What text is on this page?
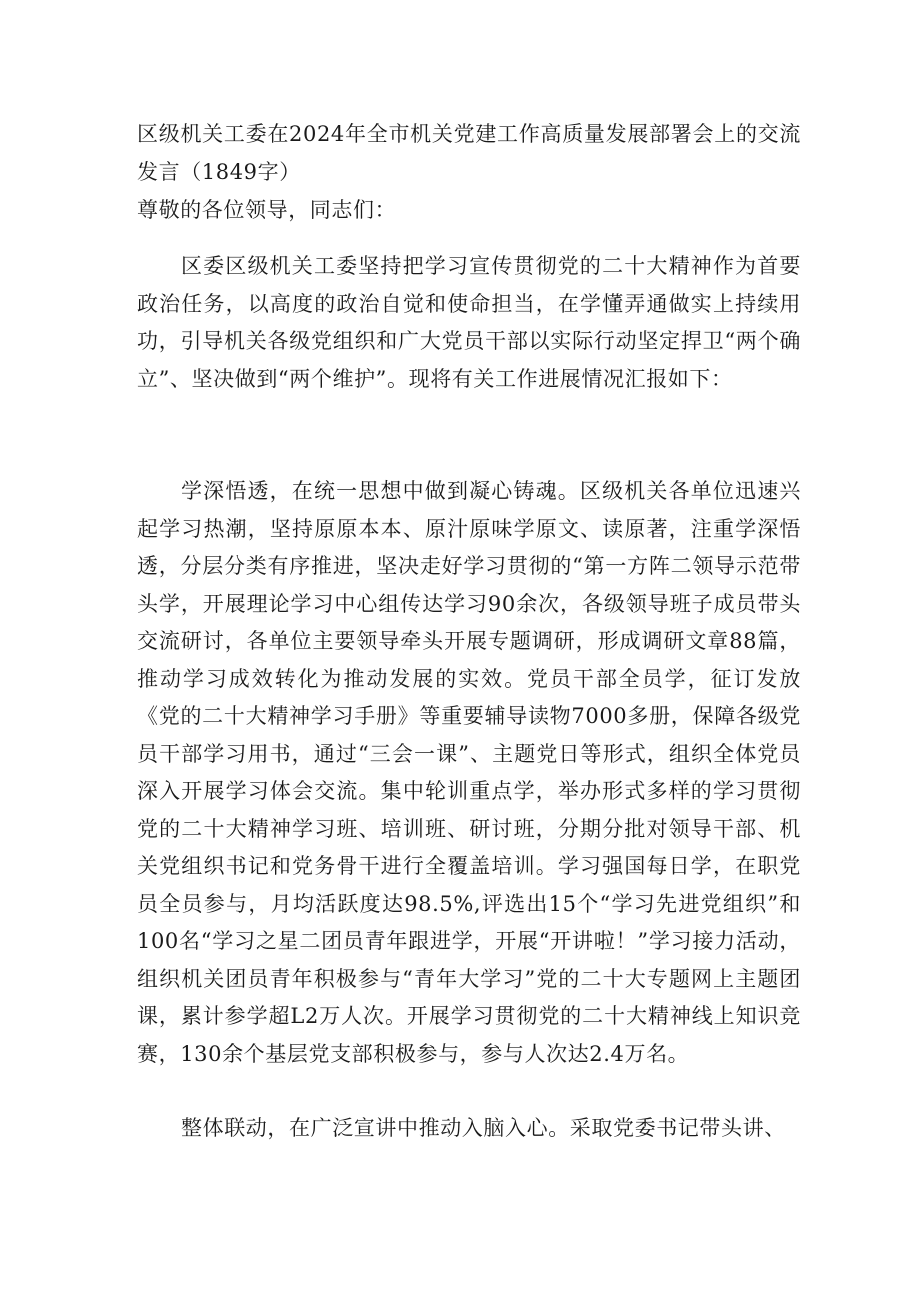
区级机关工委在2024年全市机关党建工作高质量发展部署会上的交流发言（1849字）

尊敬的各位领导，同志们：

区委区级机关工委坚持把学习宣传贯彻党的二十大精神作为首要政治任务，以高度的政治自觉和使命担当，在学懂弄通做实上持续用功，引导机关各级党组织和广大党员干部以实际行动坚定捍卫“两个确立”、坚决做到“两个维护”。现将有关工作进展情况汇报如下：

学深悟透，在统一思想中做到凝心铸魂。区级机关各单位迅速兴起学习热潮，坚持原原本本、原汁原味学原文、读原著，注重学深悟透，分层分类有序推进，坚决走好学习贯彻的“第一方阵二领导示范带头学，开展理论学习中心组传达学习90余次，各级领导班子成员带头交流研讨，各单位主要领导牵头开展专题调研，形成调研文章88篇，推动学习成效转化为推动发展的实效。党员干部全员学，征订发放《党的二十大精神学习手册》等重要辅导读物7000多册，保障各级党员干部学习用书，通过“三会一课”、主题党日等形式，组织全体党员深入开展学习体会交流。集中轮训重点学，举办形式多样的学习贯彻党的二十大精神学习班、培训班、研讨班，分期分批对领导干部、机关党组织书记和党务骨干进行全覆盖培训。学习强国每日学，在职党员全员参与，月均活跃度达98.5%,评选出15个“学习先进党组织”和100名“学习之星二团员青年跟进学，开展“开讲啦！”学习接力活动，组织机关团员青年积极参与“青年大学习”党的二十大专题网上主题团课，累计参学超L2万人次。开展学习贯彻党的二十大精神线上知识竞赛，130余个基层党支部积极参与，参与人次达2.4万名。

整体联动，在广泛宣讲中推动入脑入心。采取党委书记带头讲、
